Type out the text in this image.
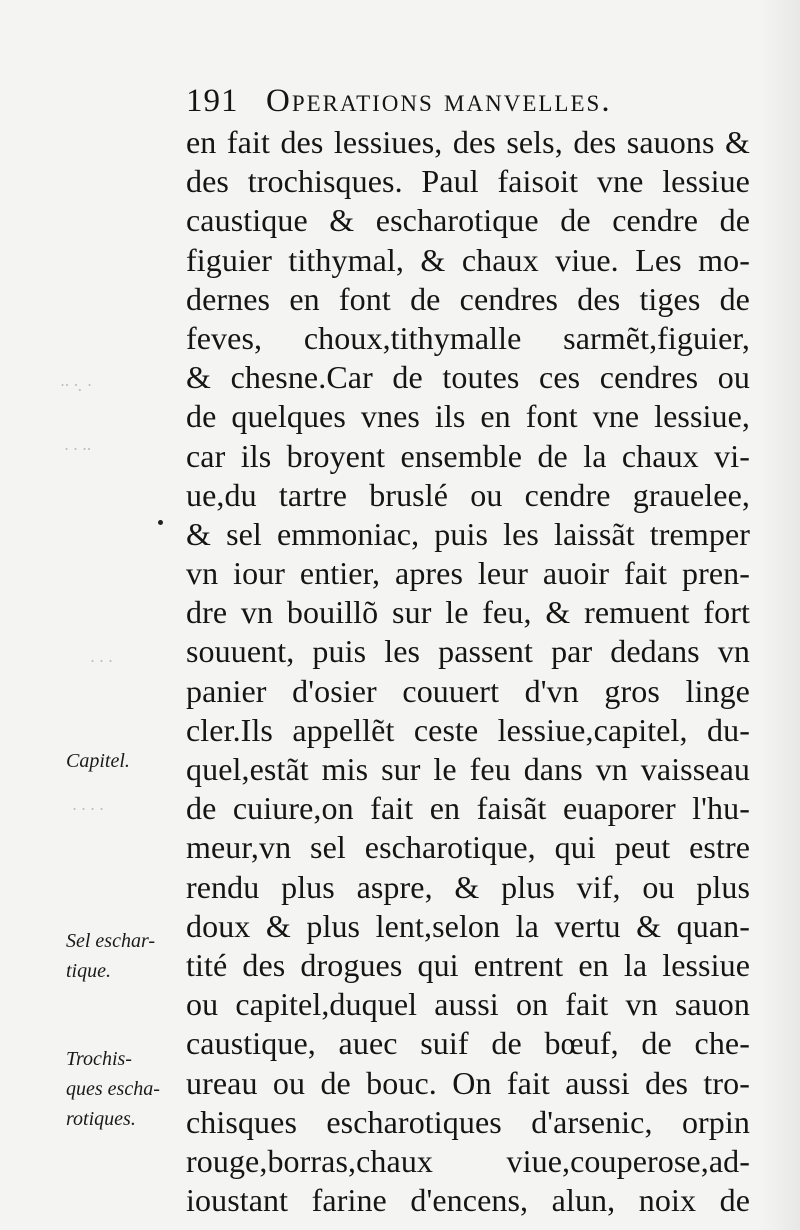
·· ·. ·
· · ··
· · ·
· · · ·
191 Operations manvelles.
en fait des lessiues, des sels, des sauons &
des trochisques. Paul faisoit vne lessiue
caustique & escharotique de cendre de
figuier tithymal, & chaux viue. Les mo-
dernes en font de cendres des tiges de
feves, choux,tithymalle sarmẽt,figuier,
& chesne.Car de toutes ces cendres ou
de quelques vnes ils en font vne lessiue,
car ils broyent ensemble de la chaux vi-
ue,du tartre bruslé ou cendre grauelee,
& sel emmoniac, puis les laissãt tremper
vn iour entier, apres leur auoir fait pren-
dre vn bouillõ sur le feu, & remuent fort
souuent, puis les passent par dedans vn
panier d'osier couuert d'vn gros linge
cler.Ils appellẽt ceste lessiue,capitel, du-
quel,estãt mis sur le feu dans vn vaisseau
de cuiure,on fait en faisãt euaporer l'hu-
meur,vn sel escharotique, qui peut estre
rendu plus aspre, & plus vif, ou plus
doux & plus lent,selon la vertu & quan-
tité des drogues qui entrent en la lessiue
ou capitel,duquel aussi on fait vn sauon
caustique, auec suif de bœuf, de che-
ureau ou de bouc. On fait aussi des tro-
chisques escharotiques d'arsenic, orpin
rouge,borras,chaux viue,couperose,ad-
ioustant farine d'encens, alun, noix de
Capitel.
Sel eschar-
tique.
Trochis-
ques escha-
rotiques.
